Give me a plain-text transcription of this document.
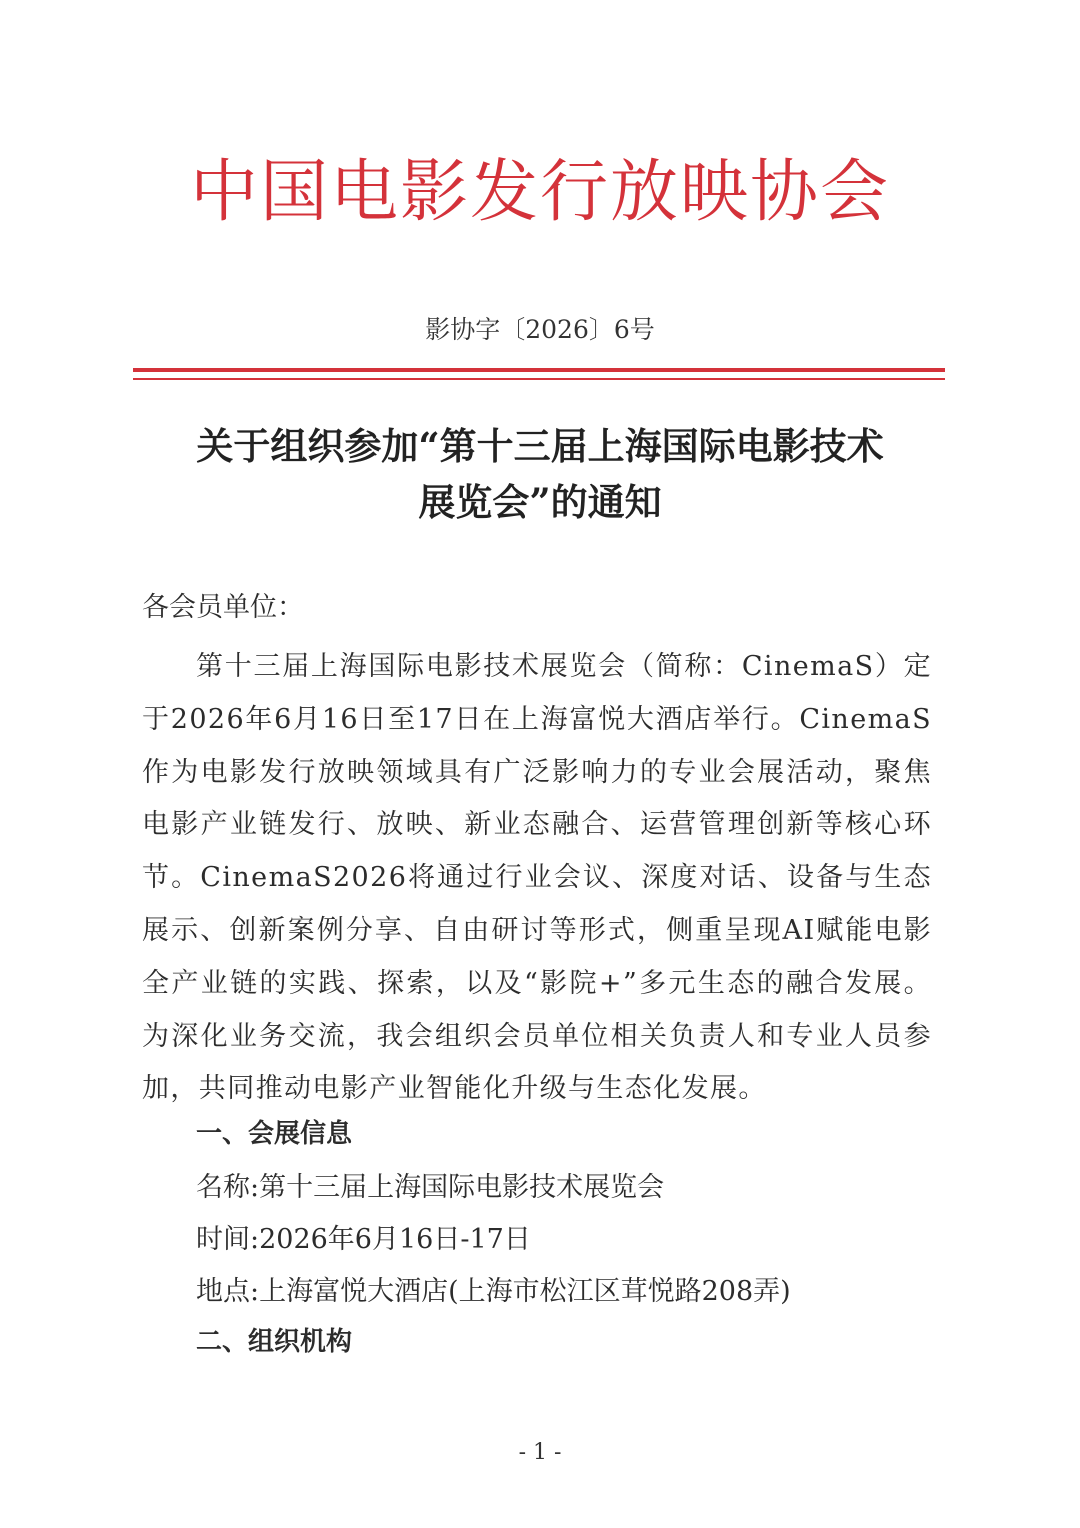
中国电影发行放映协会
影协字〔2026〕6号
关于组织参加“第十三届上海国际电影技术
展览会”的通知
各会员单位：
第十三届上海国际电影技术展览会（简称：CinemaS）定于2026年6月16日至17日在上海富悦大酒店举行。CinemaS作为电影发行放映领域具有广泛影响力的专业会展活动，聚焦电影产业链发行、放映、新业态融合、运营管理创新等核心环节。CinemaS2026将通过行业会议、深度对话、设备与生态展示、创新案例分享、自由研讨等形式，侧重呈现AI赋能电影全产业链的实践、探索，以及“影院+”多元生态的融合发展。为深化业务交流，我会组织会员单位相关负责人和专业人员参加，共同推动电影产业智能化升级与生态化发展。
一、会展信息
名称:第十三届上海国际电影技术展览会
时间:2026年6月16日-17日
地点:上海富悦大酒店(上海市松江区茸悦路208弄)
二、组织机构
- 1 -
